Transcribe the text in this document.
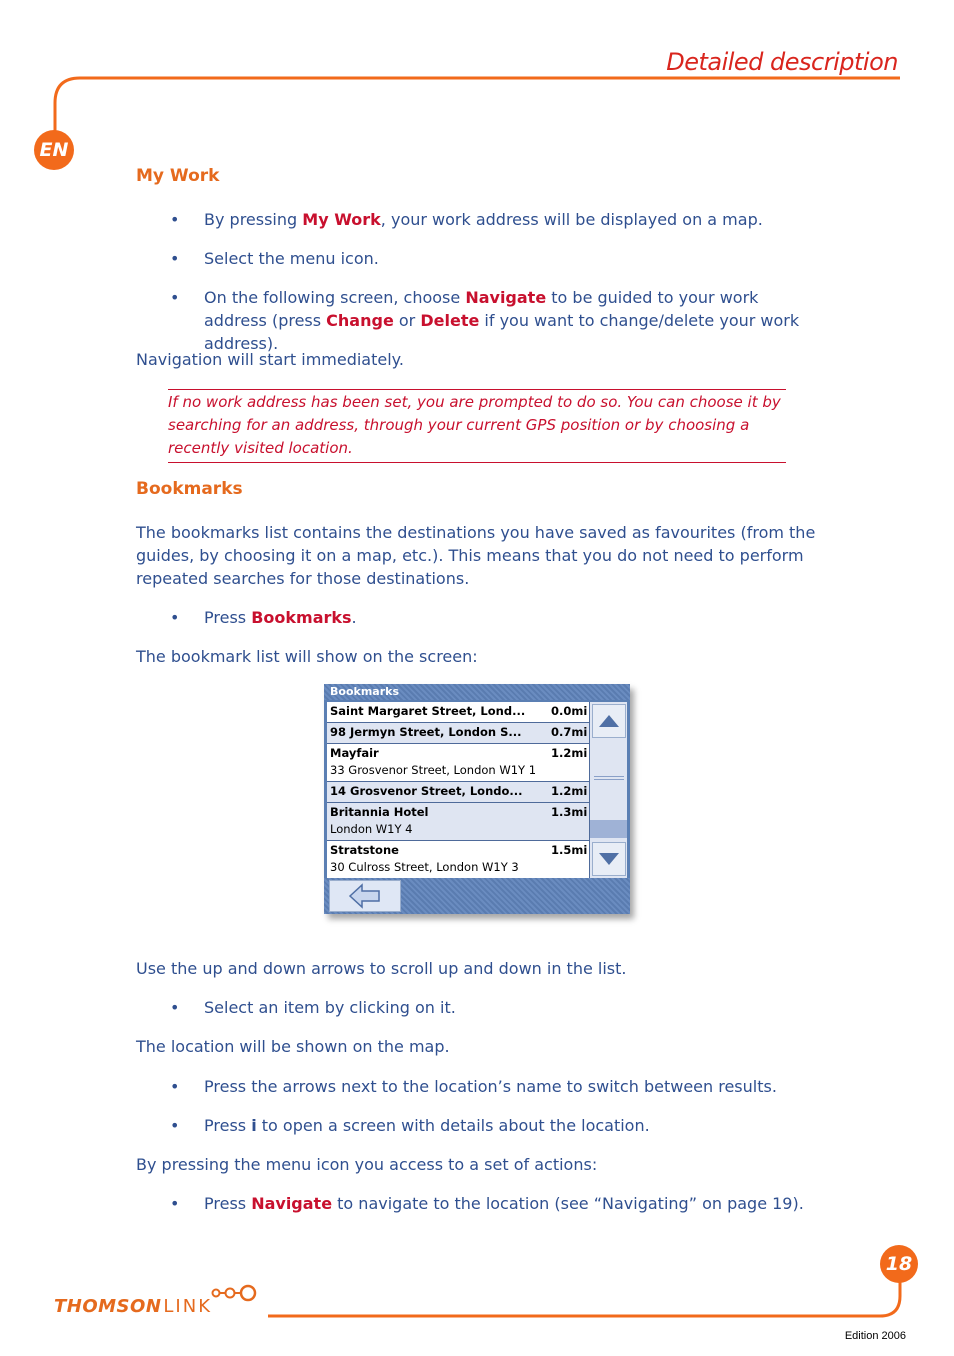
Detailed description
EN
My Work
• By pressing My Work, your work address will be displayed on a map.
• Select the menu icon.
• On the following screen, choose Navigate to be guided to your work address (press Change or Delete if you want to change/delete your work address).
Navigation will start immediately.
If no work address has been set, you are prompted to do so. You can choose it by searching for an address, through your current GPS position or by choosing a recently visited location.
Bookmarks
The bookmarks list contains the destinations you have saved as favourites (from the guides, by choosing it on a map, etc.). This means that you do not need to perform repeated searches for those destinations.
• Press Bookmarks.
The bookmark list will show on the screen:
Bookmarks
Saint Margaret Street, Lond... 0.0mi
98 Jermyn Street, London S...	0.7mi
Mayfair	1.2mi
33 Grosvenor Street, London W1Y 1
14 Grosvenor Street, Londo... 1.2mi
Britannia Hotel	1.3mi
London W1Y 4
Stratstone	1.5mi
30 Culross Street, London W1Y 3
Use the up and down arrows to scroll up and down in the list.
• Select an item by clicking on it.
The location will be shown on the map.
• Press the arrows next to the location’s name to switch between results.
• Press i to open a screen with details about the location.
By pressing the menu icon you access to a set of actions:
• Press Navigate to navigate to the location (see “Navigating” on page 19).
18
THOMSON LINK
Edition 2006
